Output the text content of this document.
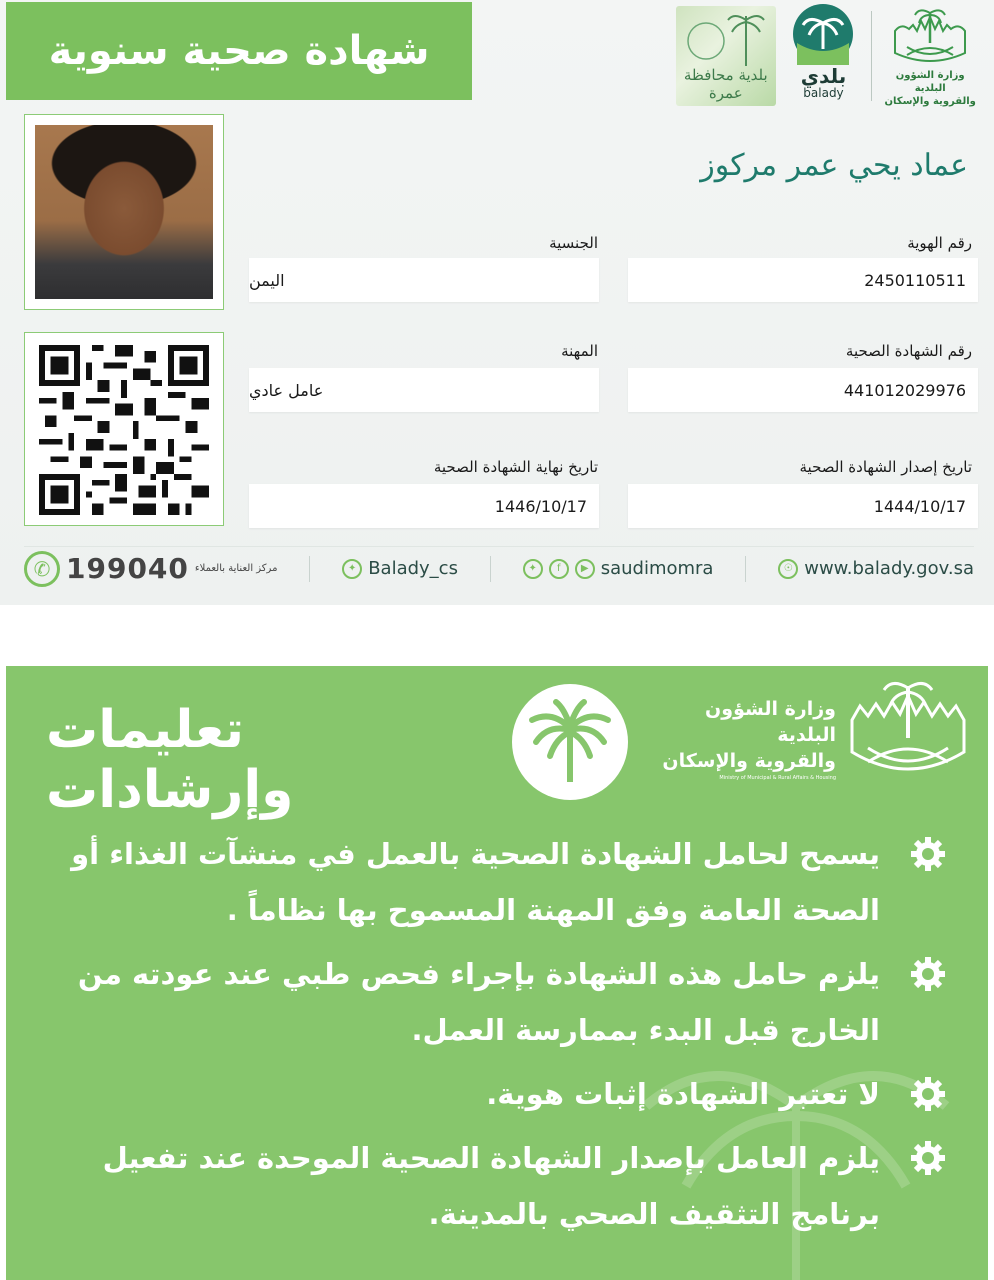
شهادة صحية سنوية
وزارة الشؤون البلدية
والقروية والإسكان
بلدي
balady
بلدية محافظة عمرة
عماد يحي عمر مركوز
رقم الهوية
2450110511
الجنسية
اليمن
رقم الشهادة الصحية
441012029976
المهنة
عامل عادي
تاريخ إصدار الشهادة الصحية
1444/10/17
تاريخ نهاية الشهادة الصحية
1446/10/17
✆ 199040 مركز العناية بالعملاء	✦ Balady_cs	✦	f	▶ saudimomra	☉ www.balady.gov.sa
تعليمات وإرشادات
وزارة الشؤون البلدية
والقروية والإسكان
Ministry of Municipal & Rural Affairs & Housing
يسمح لحامل الشهادة الصحية بالعمل في منشآت الغذاء أو الصحة العامة وفق المهنة المسموح بها نظاماً .
يلزم حامل هذه الشهادة بإجراء فحص طبي عند عودته من الخارج قبل البدء بممارسة العمل.
لا تعتبر الشهادة إثبات هوية.
يلزم العامل بإصدار الشهادة الصحية الموحدة عند تفعيل برنامج التثقيف الصحي بالمدينة.
